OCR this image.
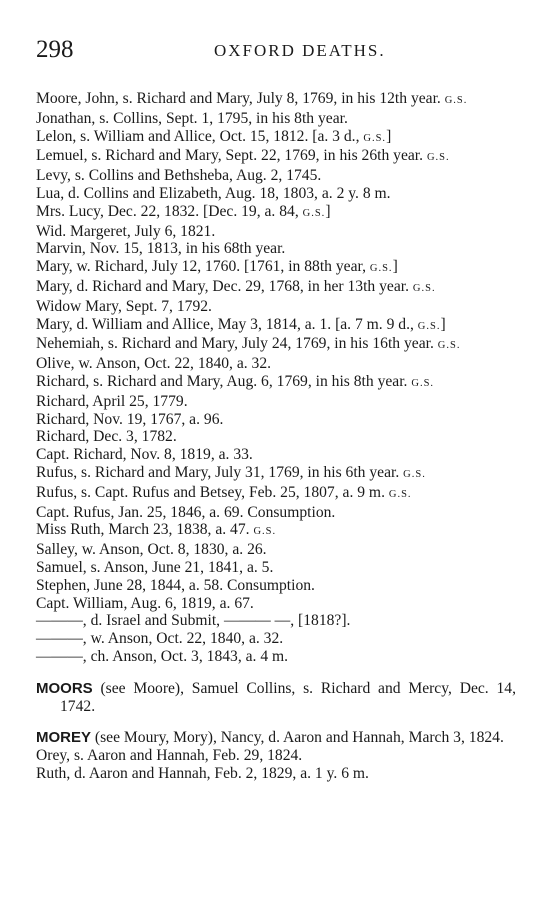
298	OXFORD DEATHS.

Moore, John, s. Richard and Mary, July 8, 1769, in his 12th year. G.S.

Jonathan, s. Collins, Sept. 1, 1795, in his 8th year.

Lelon, s. William and Allice, Oct. 15, 1812. [a. 3 d., G.S.]

Lemuel, s. Richard and Mary, Sept. 22, 1769, in his 26th year. G.S.

Levy, s. Collins and Bethsheba, Aug. 2, 1745.

Lua, d. Collins and Elizabeth, Aug. 18, 1803, a. 2 y. 8 m.

Mrs. Lucy, Dec. 22, 1832. [Dec. 19, a. 84, G.S.]

Wid. Margeret, July 6, 1821.

Marvin, Nov. 15, 1813, in his 68th year.

Mary, w. Richard, July 12, 1760. [1761, in 88th year, G.S.]

Mary, d. Richard and Mary, Dec. 29, 1768, in her 13th year. G.S.

Widow Mary, Sept. 7, 1792.

Mary, d. William and Allice, May 3, 1814, a. 1. [a. 7 m. 9 d., G.S.]

Nehemiah, s. Richard and Mary, July 24, 1769, in his 16th year. G.S.

Olive, w. Anson, Oct. 22, 1840, a. 32.

Richard, s. Richard and Mary, Aug. 6, 1769, in his 8th year. G.S.

Richard, April 25, 1779.

Richard, Nov. 19, 1767, a. 96.

Richard, Dec. 3, 1782.

Capt. Richard, Nov. 8, 1819, a. 33.

Rufus, s. Richard and Mary, July 31, 1769, in his 6th year. G.S.

Rufus, s. Capt. Rufus and Betsey, Feb. 25, 1807, a. 9 m. G.S.

Capt. Rufus, Jan. 25, 1846, a. 69. Consumption.

Miss Ruth, March 23, 1838, a. 47. G.S.

Salley, w. Anson, Oct. 8, 1830, a. 26.

Samuel, s. Anson, June 21, 1841, a. 5.

Stephen, June 28, 1844, a. 58. Consumption.

Capt. William, Aug. 6, 1819, a. 67.

———, d. Israel and Submit, ——— —, [1818?].

———, w. Anson, Oct. 22, 1840, a. 32.

———, ch. Anson, Oct. 3, 1843, a. 4 m.

MOORS (see Moore), Samuel Collins, s. Richard and Mercy, Dec. 14, 1742.

MOREY (see Moury, Mory), Nancy, d. Aaron and Hannah, March 3, 1824.

Orey, s. Aaron and Hannah, Feb. 29, 1824.

Ruth, d. Aaron and Hannah, Feb. 2, 1829, a. 1 y. 6 m.
